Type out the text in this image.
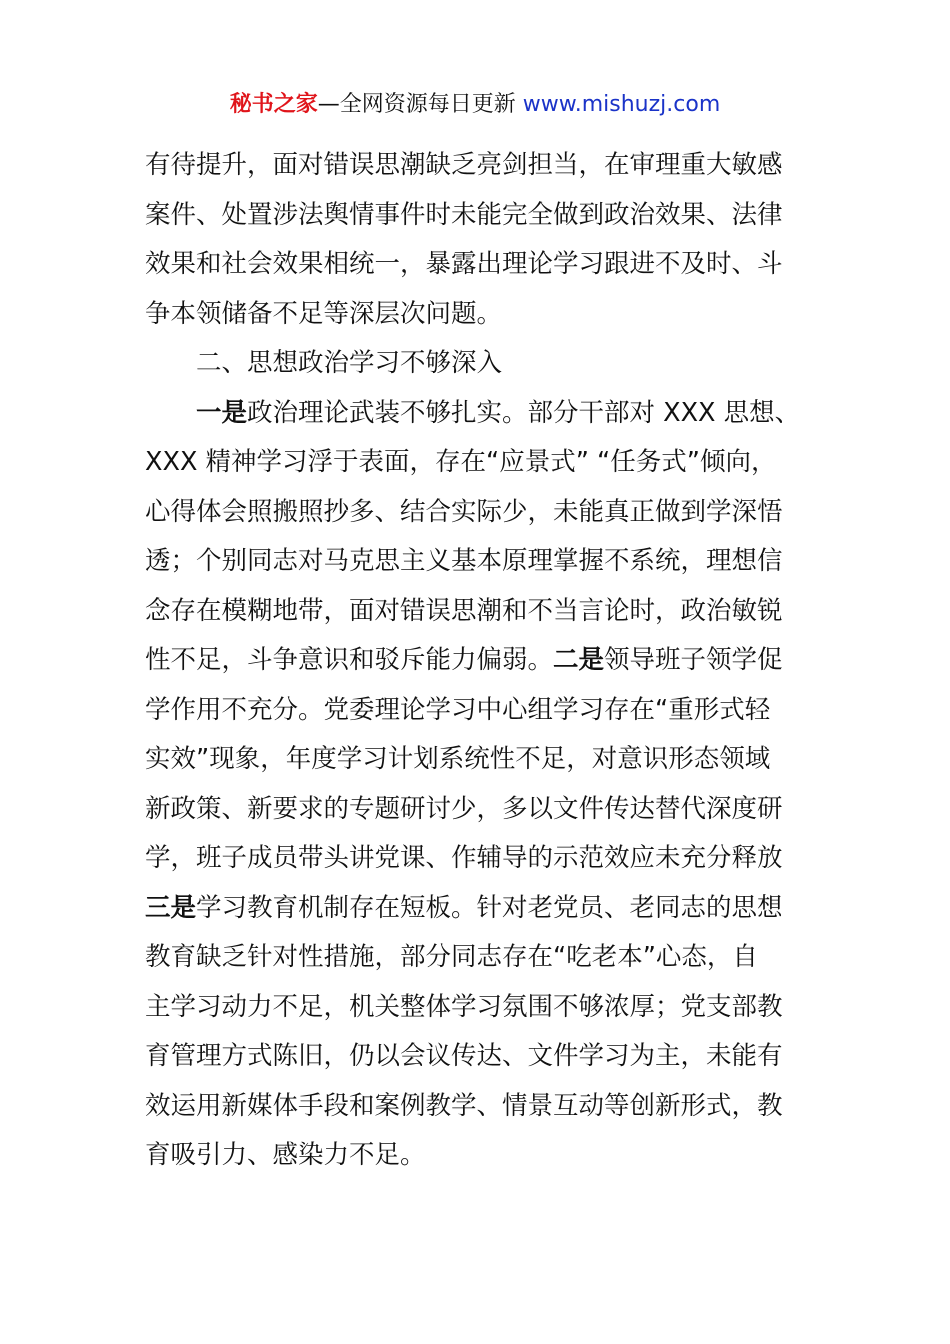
秘书之家—全网资源每日更新 www.mishuzj.com
有待提升，面对错误思潮缺乏亮剑担当，在审理重大敏感
案件、处置涉法舆情事件时未能完全做到政治效果、法律
效果和社会效果相统一，暴露出理论学习跟进不及时、斗
争本领储备不足等深层次问题。
二、思想政治学习不够深入
一是政治理论武装不够扎实。部分干部对 XXX 思想、
XXX 精神学习浮于表面，存在“应景式” “任务式”倾向，
心得体会照搬照抄多、结合实际少，未能真正做到学深悟
透；个别同志对马克思主义基本原理掌握不系统，理想信
念存在模糊地带，面对错误思潮和不当言论时，政治敏锐
性不足，斗争意识和驳斥能力偏弱。二是领导班子领学促
学作用不充分。党委理论学习中心组学习存在“重形式轻
实效”现象，年度学习计划系统性不足，对意识形态领域
新政策、新要求的专题研讨少，多以文件传达替代深度研
学，班子成员带头讲党课、作辅导的示范效应未充分释放
三是学习教育机制存在短板。针对老党员、老同志的思想
教育缺乏针对性措施，部分同志存在“吃老本”心态，自
主学习动力不足，机关整体学习氛围不够浓厚；党支部教
育管理方式陈旧，仍以会议传达、文件学习为主，未能有
效运用新媒体手段和案例教学、情景互动等创新形式，教
育吸引力、感染力不足。
